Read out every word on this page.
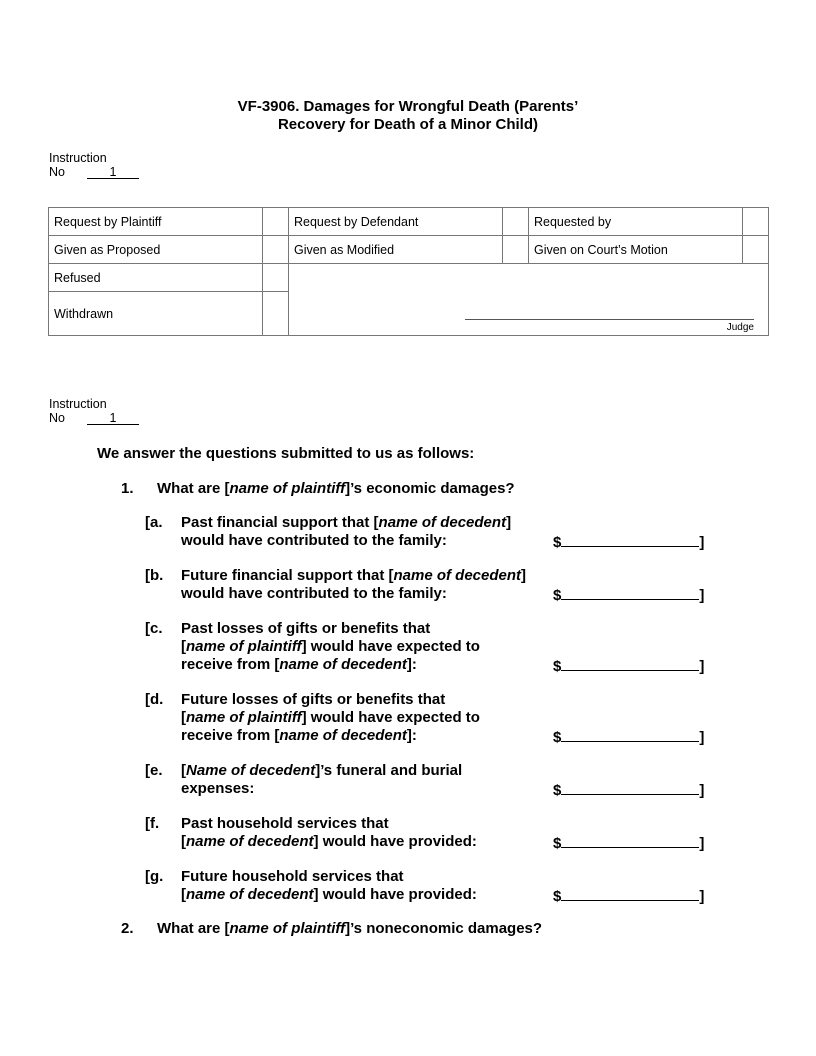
VF-3906. Damages for Wrongful Death (Parents’
Recovery for Death of a Minor Child)
Instruction
No	1
Request by Plaintiff		Request by Defendant		Requested by	
Given as Proposed		Given as Modified		Given on Court’s Motion	
Refused		Judge			

Withdrawn					
Instruction
No	1
We answer the questions submitted to us as follows:
1. What are [name of plaintiff]’s economic damages?
[a. Past financial support that [name of decedent]
would have contributed to the family:	$	]
[b. Future financial support that [name of decedent]
would have contributed to the family:	$	]
[c. Past losses of gifts or benefits that
[name of plaintiff] would have expected to
receive from [name of decedent]:	$	]
[d. Future losses of gifts or benefits that
[name of plaintiff] would have expected to
receive from [name of decedent]:	$	]
[e. [Name of decedent]’s funeral and burial
expenses:	$	]
[f. Past household services that
[name of decedent] would have provided:	$	]
[g. Future household services that
[name of decedent] would have provided:	$	]
2. What are [name of plaintiff]’s noneconomic damages?
